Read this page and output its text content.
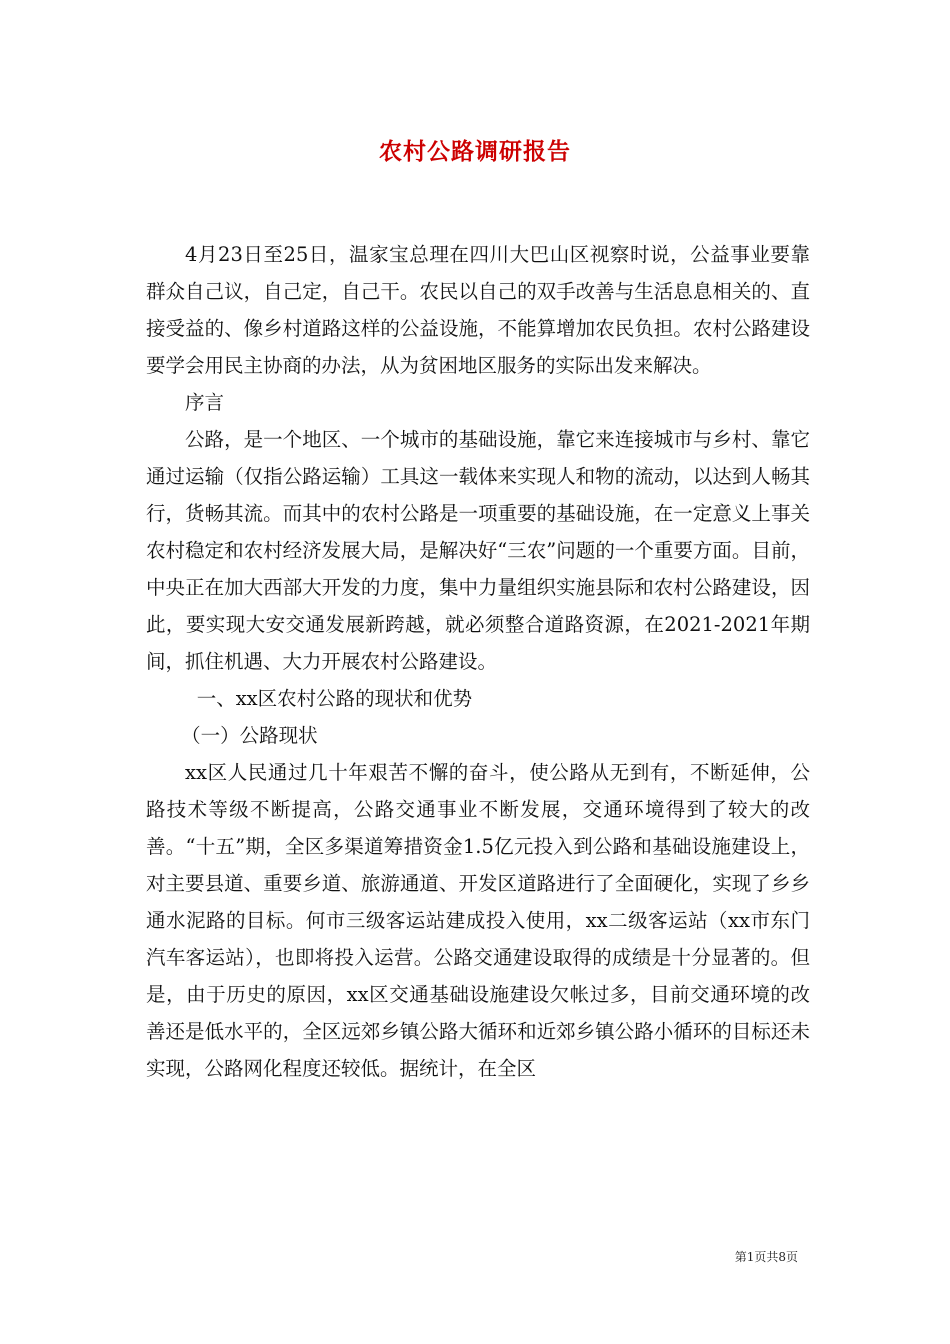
农村公路调研报告

4月23日至25日，温家宝总理在四川大巴山区视察时说，公益事业要靠群众自己议，自己定，自己干。农民以自己的双手改善与生活息息相关的、直接受益的、像乡村道路这样的公益设施，不能算增加农民负担。农村公路建设要学会用民主协商的办法，从为贫困地区服务的实际出发来解决。

序言

公路，是一个地区、一个城市的基础设施，靠它来连接城市与乡村、靠它通过运输（仅指公路运输）工具这一载体来实现人和物的流动，以达到人畅其行，货畅其流。而其中的农村公路是一项重要的基础设施，在一定意义上事关农村稳定和农村经济发展大局，是解决好“三农”问题的一个重要方面。目前，中央正在加大西部大开发的力度，集中力量组织实施县际和农村公路建设，因此，要实现大安交通发展新跨越，就必须整合道路资源，在2021-2021年期间，抓住机遇、大力开展农村公路建设。

一、xx区农村公路的现状和优势

（一）公路现状

xx区人民通过几十年艰苦不懈的奋斗，使公路从无到有，不断延伸，公路技术等级不断提高，公路交通事业不断发展，交通环境得到了较大的改善。“十五”期，全区多渠道筹措资金1.5亿元投入到公路和基础设施建设上，对主要县道、重要乡道、旅游通道、开发区道路进行了全面硬化，实现了乡乡通水泥路的目标。何市三级客运站建成投入使用，xx二级客运站（xx市东门汽车客运站），也即将投入运营。公路交通建设取得的成绩是十分显著的。但是，由于历史的原因，xx区交通基础设施建设欠帐过多，目前交通环境的改善还是低水平的，全区远郊乡镇公路大循环和近郊乡镇公路小循环的目标还未实现，公路网化程度还较低。据统计，在全区

第1页共8页
